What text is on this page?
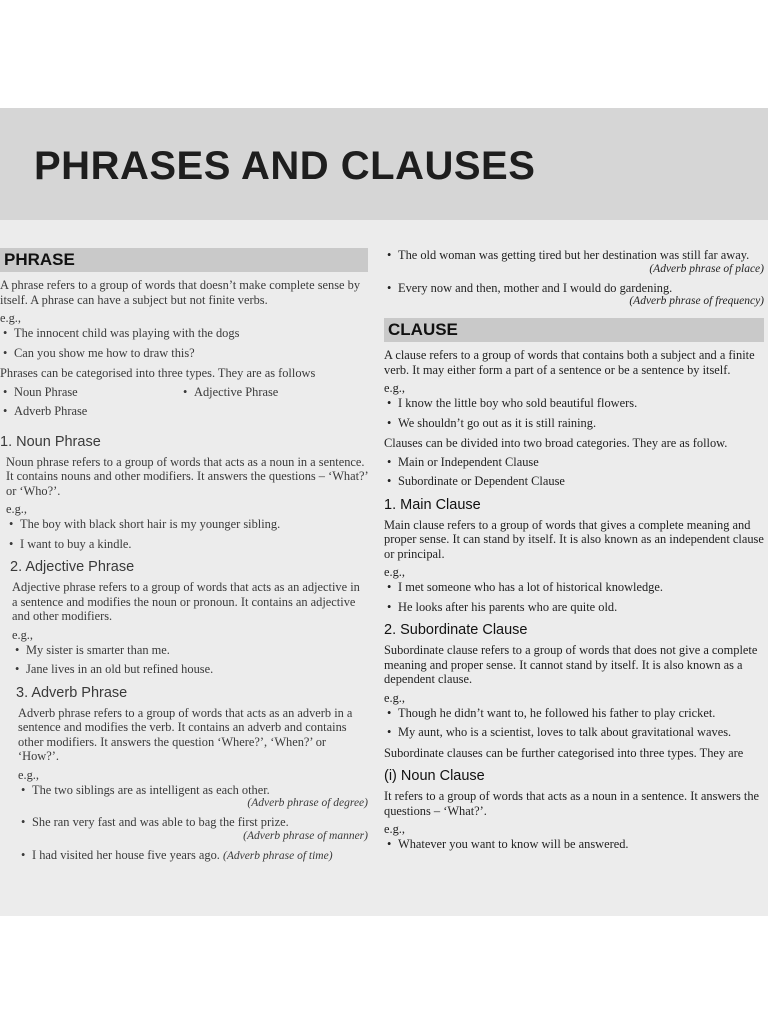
PHRASES AND CLAUSES
PHRASE

A phrase refers to a group of words that doesn’t make complete sense by itself. A phrase can have a subject but not finite verbs.

e.g.,
• The innocent child was playing with the dogs
• Can you show me how to draw this?

Phrases can be categorised into three types. They are as follows

• Noun Phrase
• Adverb Phrase
• Adjective Phrase
1. Noun Phrase

Noun phrase refers to a group of words that acts as a noun in a sentence. It contains nouns and other modifiers. It answers the questions – ‘What?’ or ‘Who?’.

e.g.,
• The boy with black short hair is my younger sibling.
• I want to buy a kindle.
2. Adjective Phrase

Adjective phrase refers to a group of words that acts as an adjective in a sentence and modifies the noun or pronoun. It contains an adjective and other modifiers.

e.g.,
• My sister is smarter than me.
• Jane lives in an old but refined house.
3. Adverb Phrase

Adverb phrase refers to a group of words that acts as an adverb in a sentence and modifies the verb. It contains an adverb and contains other modifiers. It answers the question ‘Where?’, ‘When?’ or ‘How?’.

e.g.,
• The two siblings are as intelligent as each other.
(Adverb phrase of degree)
• She ran very fast and was able to bag the first prize.
(Adverb phrase of manner)
• I had visited her house five years ago. (Adverb phrase of time)
• The old woman was getting tired but her destination was still far away.
(Adverb phrase of place)
• Every now and then, mother and I would do gardening.
(Adverb phrase of frequency)
CLAUSE

A clause refers to a group of words that contains both a subject and a finite verb. It may either form a part of a sentence or be a sentence by itself.

e.g.,
• I know the little boy who sold beautiful flowers.
• We shouldn’t go out as it is still raining.

Clauses can be divided into two broad categories. They are as follow.

• Main or Independent Clause
• Subordinate or Dependent Clause
1. Main Clause

Main clause refers to a group of words that gives a complete meaning and proper sense. It can stand by itself. It is also known as an independent clause or principal.

e.g.,
• I met someone who has a lot of historical knowledge.
• He looks after his parents who are quite old.
2. Subordinate Clause

Subordinate clause refers to a group of words that does not give a complete meaning and proper sense. It cannot stand by itself. It is also known as a dependent clause.

e.g.,
• Though he didn’t want to, he followed his father to play cricket.
• My aunt, who is a scientist, loves to talk about gravitational waves.

Subordinate clauses can be further categorised into three types. They are

(i) Noun Clause

It refers to a group of words that acts as a noun in a sentence. It answers the questions – ‘What?’.

e.g.,
• Whatever you want to know will be answered.
